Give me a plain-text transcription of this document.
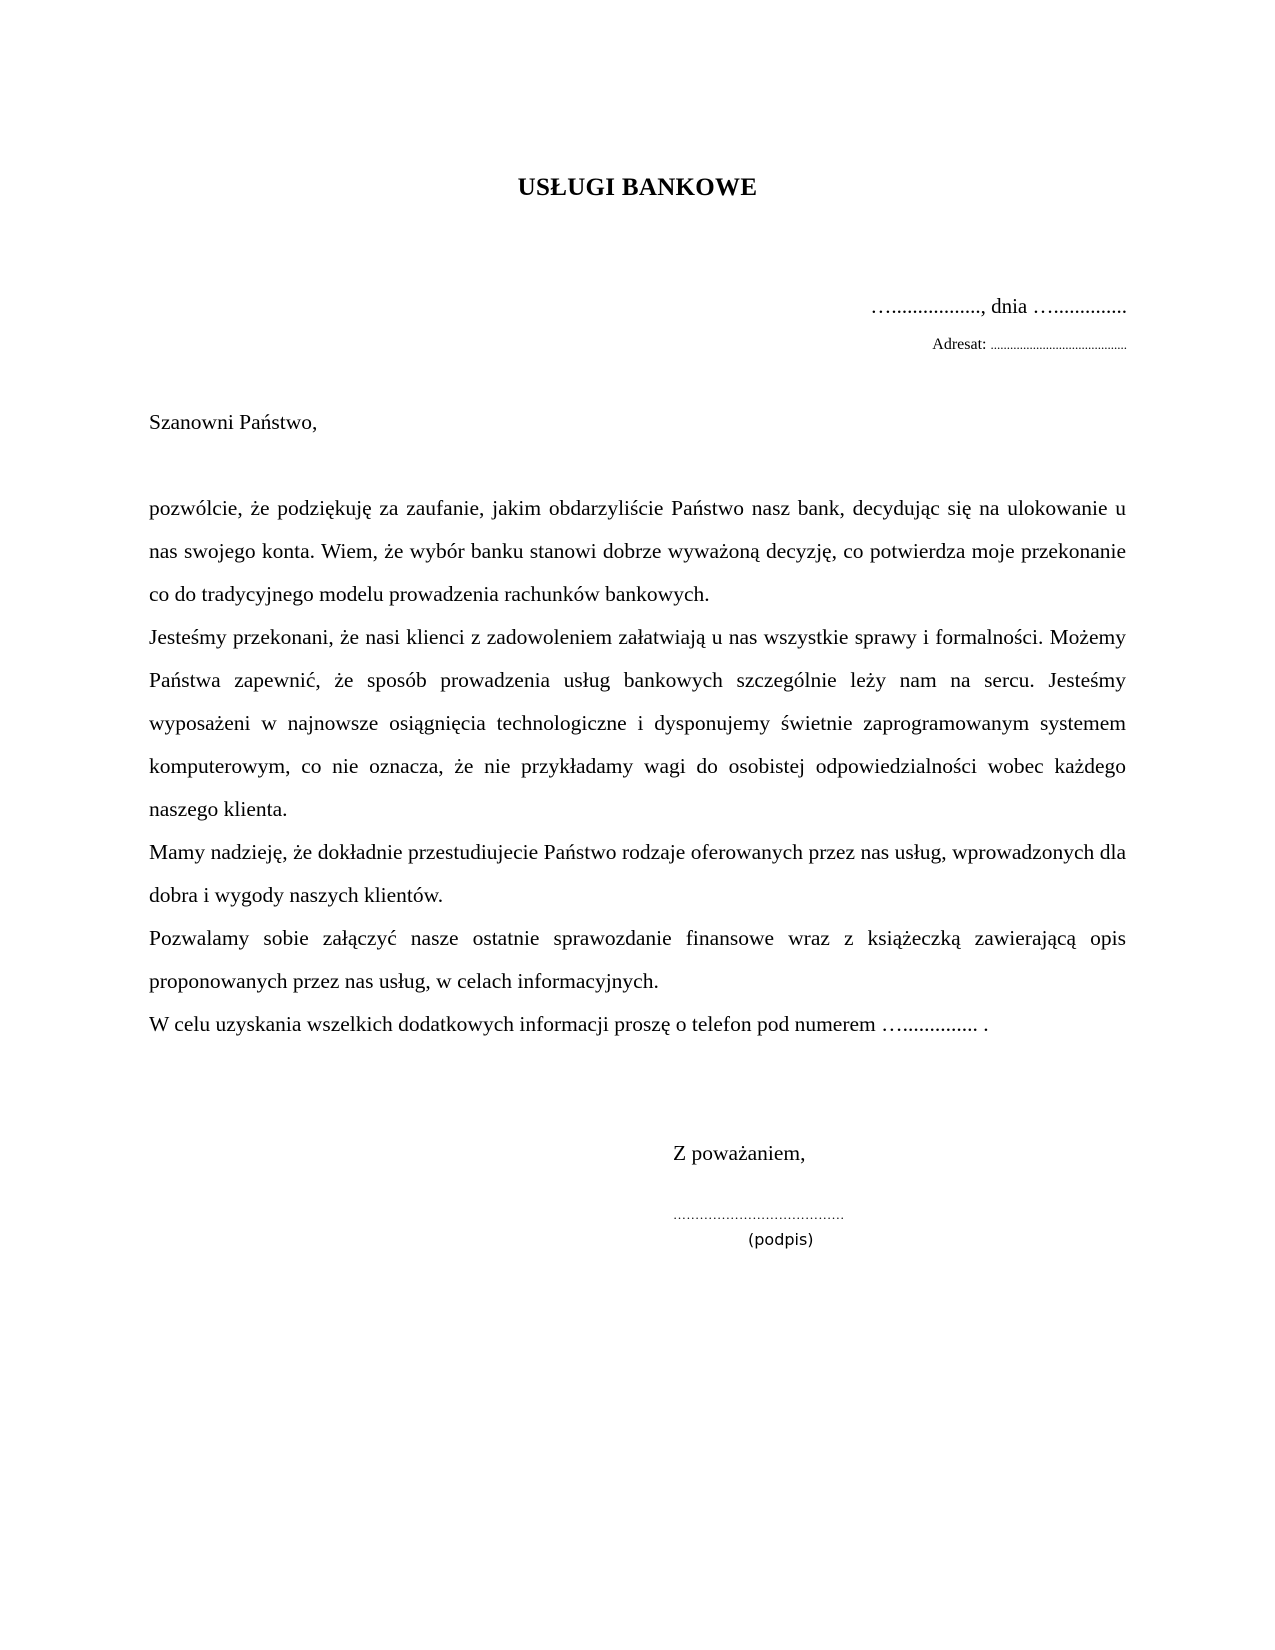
USŁUGI BANKOWE
…................., dnia …..............
Adresat: ..........................................
Szanowni Państwo,

pozwólcie, że podziękuję za zaufanie, jakim obdarzyliście Państwo nasz bank, decydując się na ulokowanie u nas swojego konta. Wiem, że wybór banku stanowi dobrze wyważoną decyzję, co potwierdza moje przekonanie co do tradycyjnego modelu prowadzenia rachunków bankowych.

Jesteśmy przekonani, że nasi klienci z zadowoleniem załatwiają u nas wszystkie sprawy i formalności. Możemy Państwa zapewnić, że sposób prowadzenia usług bankowych szczególnie leży nam na sercu. Jesteśmy wyposażeni w najnowsze osiągnięcia technologiczne i dysponujemy świetnie zaprogramowanym systemem komputerowym, co nie oznacza, że nie przykładamy wagi do osobistej odpowiedzialności wobec każdego naszego klienta.

Mamy nadzieję, że dokładnie przestudiujecie Państwo rodzaje oferowanych przez nas usług, wprowadzonych dla dobra i wygody naszych klientów.

Pozwalamy sobie załączyć nasze ostatnie sprawozdanie finansowe wraz z książeczką zawierającą opis proponowanych przez nas usług, w celach informacyjnych.

W celu uzyskania wszelkich dodatkowych informacji proszę o telefon pod numerem ….............. .

Z poważaniem,
…………………………………
(podpis)
